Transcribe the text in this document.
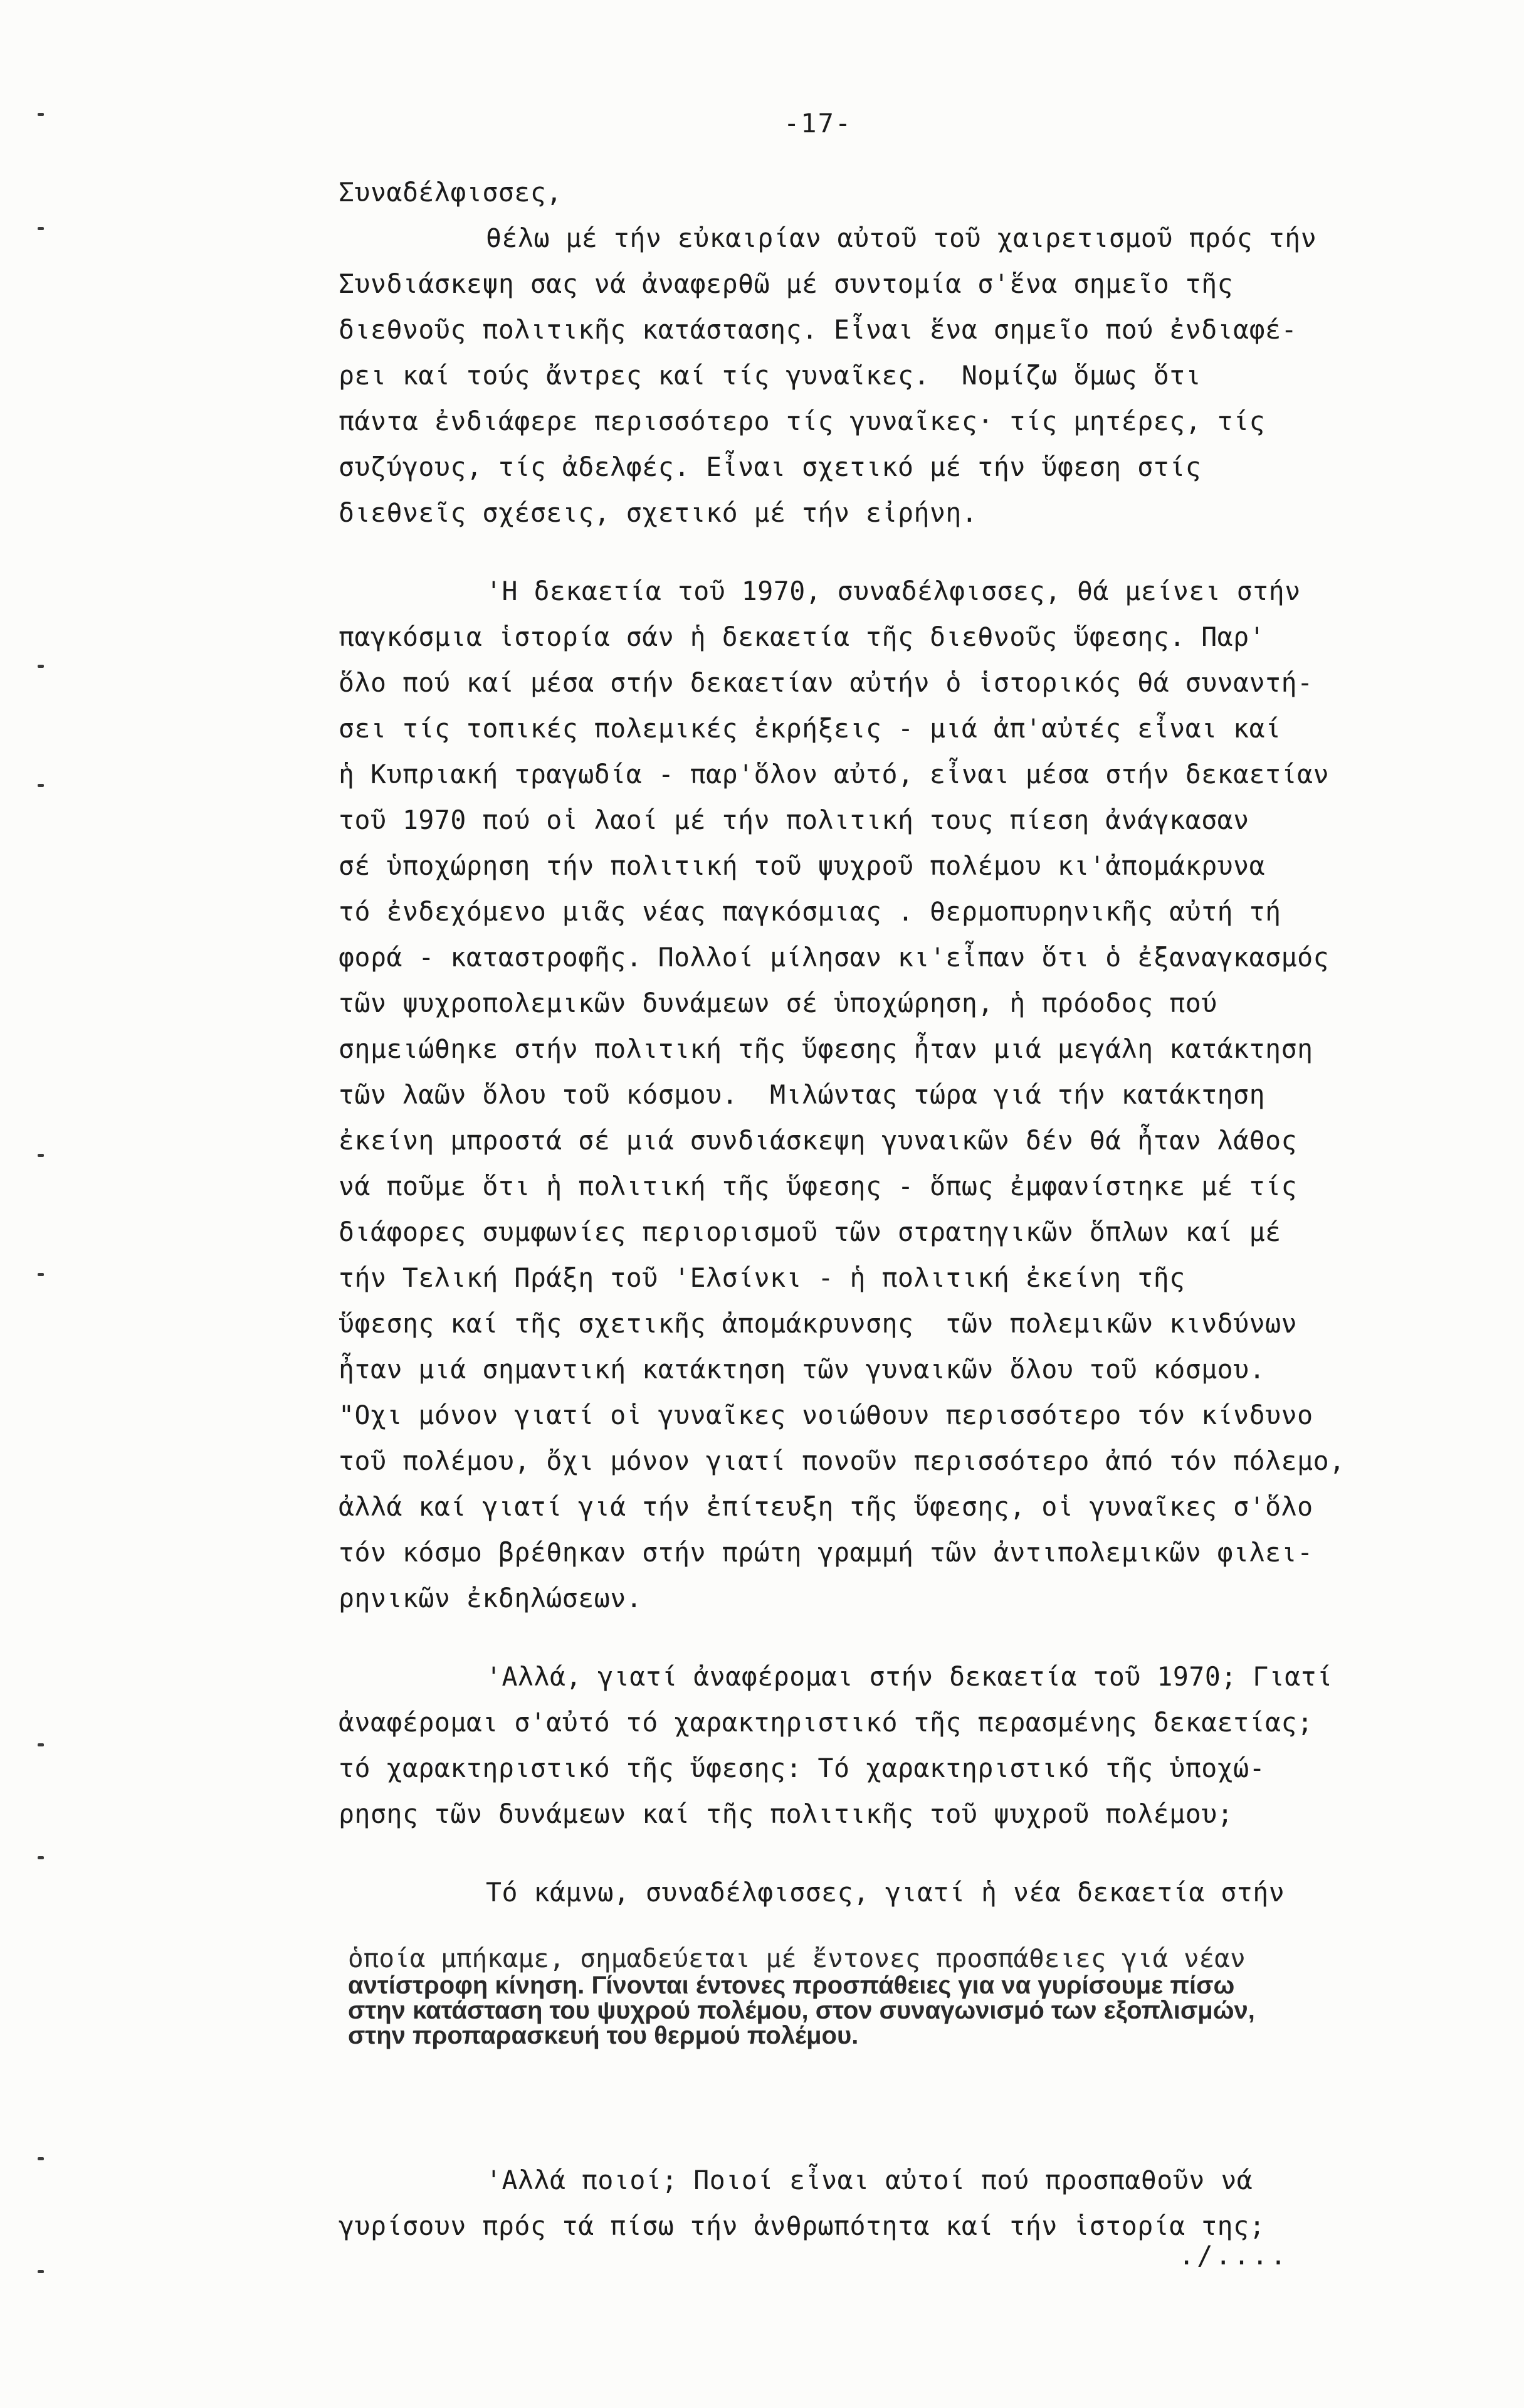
-17-
Συναδέλφισσες,
θέλω μέ τήν εὐκαιρίαν αὐτοῦ τοῦ χαιρετισμοῦ πρός τήν
Συνδιάσκεψη σας νά ἀναφερθῶ μέ συντομία σ'ἕνα σημεῖο τῆς
διεθνοῦς πολιτικῆς κατάστασης. Εἶναι ἕνα σημεῖο πού ἐνδιαφέ-
ρει καί τούς ἄντρες καί τίς γυναῖκες.  Νομίζω ὅμως ὅτι
πάντα ἐνδιάφερε περισσότερο τίς γυναῖκες· τίς μητέρες, τίς
συζύγους, τίς ἀδελφές. Εἶναι σχετικό μέ τήν ὕφεση στίς
διεθνεῖς σχέσεις, σχετικό μέ τήν εἰρήνη.
'Η δεκαετία τοῦ 1970, συναδέλφισσες, θά μείνει στήν
παγκόσμια ἱστορία σάν ἡ δεκαετία τῆς διεθνοῦς ὕφεσης. Παρ'
ὅλο πού καί μέσα στήν δεκαετίαν αὐτήν ὁ ἱστορικός θά συναντή-
σει τίς τοπικές πολεμικές ἐκρήξεις - μιά ἀπ'αὐτές εἶναι καί
ἡ Κυπριακή τραγωδία - παρ'ὅλον αὐτό, εἶναι μέσα στήν δεκαετίαν
τοῦ 1970 πού οἱ λαοί μέ τήν πολιτική τους πίεση ἀνάγκασαν
σέ ὑποχώρηση τήν πολιτική τοῦ ψυχροῦ πολέμου κι'ἀπομάκρυνα
τό ἐνδεχόμενο μιᾶς νέας παγκόσμιας . θερμοπυρηνικῆς αὐτή τή
φορά - καταστροφῆς. Πολλοί μίλησαν κι'εἶπαν ὅτι ὁ ἐξαναγκασμός
τῶν ψυχροπολεμικῶν δυνάμεων σέ ὑποχώρηση, ἡ πρόοδος πού
σημειώθηκε στήν πολιτική τῆς ὕφεσης ἦταν μιά μεγάλη κατάκτηση
τῶν λαῶν ὅλου τοῦ κόσμου.  Μιλώντας τώρα γιά τήν κατάκτηση
ἐκείνη μπροστά σέ μιά συνδιάσκεψη γυναικῶν δέν θά ἦταν λάθος
νά ποῦμε ὅτι ἡ πολιτική τῆς ὕφεσης - ὅπως ἐμφανίστηκε μέ τίς
διάφορες συμφωνίες περιορισμοῦ τῶν στρατηγικῶν ὅπλων καί μέ
τήν Τελική Πράξη τοῦ 'Ελσίνκι - ἡ πολιτική ἐκείνη τῆς
ὕφεσης καί τῆς σχετικῆς ἀπομάκρυνσης  τῶν πολεμικῶν κινδύνων
ἦταν μιά σημαντική κατάκτηση τῶν γυναικῶν ὅλου τοῦ κόσμου.
"Οχι μόνον γιατί οἱ γυναῖκες νοιώθουν περισσότερο τόν κίνδυνο
τοῦ πολέμου, ὄχι μόνον γιατί πονοῦν περισσότερο ἀπό τόν πόλεμο,
ἀλλά καί γιατί γιά τήν ἐπίτευξη τῆς ὕφεσης, οἱ γυναῖκες σ'ὅλο
τόν κόσμο βρέθηκαν στήν πρώτη γραμμή τῶν ἀντιπολεμικῶν φιλει-
ρηνικῶν ἐκδηλώσεων.
'Αλλά, γιατί ἀναφέρομαι στήν δεκαετία τοῦ 1970; Γιατί
ἀναφέρομαι σ'αὐτό τό χαρακτηριστικό τῆς περασμένης δεκαετίας;
τό χαρακτηριστικό τῆς ὕφεσης: Τό χαρακτηριστικό τῆς ὑποχώ-
ρησης τῶν δυνάμεων καί τῆς πολιτικῆς τοῦ ψυχροῦ πολέμου;
Τό κάμνω, συναδέλφισσες, γιατί ἡ νέα δεκαετία στήν
ὁποία μπήκαμε, σημαδεύεται μέ ἔντονες προσπάθειες γιά νέαν
αντίστροφη κίνηση. Γίνονται έντονες προσπάθειες για να γυρίσουμε πίσω
στην κατάσταση του ψυχρού πολέμου, στον συναγωνισμό των εξοπλισμών,
στην προπαρασκευή του θερμού πολέμου.
'Αλλά ποιοί; Ποιοί εἶναι αὐτοί πού προσπαθοῦν νά
γυρίσουν πρός τά πίσω τήν ἀνθρωπότητα καί τήν ἱστορία της;
./....
